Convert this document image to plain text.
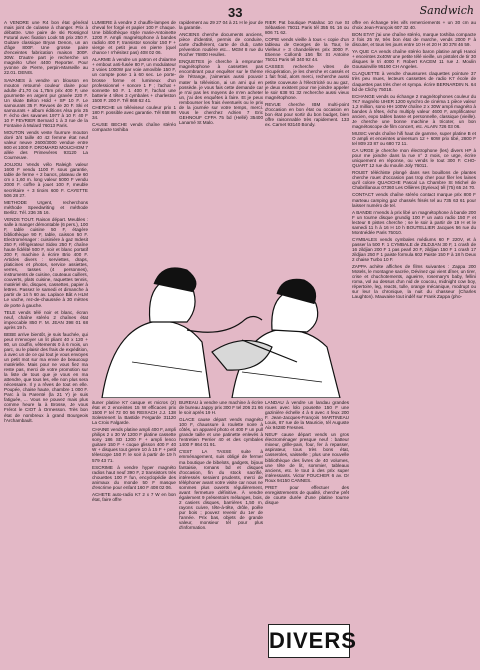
33	Sandwich

A VENDRE une R4 bon état général mais joint de culasse à changer. Prix à débattre. Une paire de ski Rossignol Futural avec fixation Look 55 prix 250 F. Guitare classique Bryan Denon, un an d'âge 800F. Une grosse paire d'enceintes fabrication maison 300F. 30W. D'autre part je recherche un magnéto Uher 4400 Reporter. Pour yvonne de Pierre, perpin-Marseille au 22.01. DENIS.

SAVANES à vendre un blouson en mouton retourné couleur claire pour adulte d'1,70 ou 1,75m prix 400 F, une gourmette en argent pur gravée 220 F. Un skate Béton Hold + SP 10 F. Le samouraïs 35 F. Revues de 20 F. Ski et samouraïs + album éditions Alsa prix 25 F. écho des savanes 1977 à 10 F. 40 F 10 F FEVRIER Bernard 1 à 3 rue de la Fontaine à Mulard 76013 Paris.

MOUTON vends veste fourrure mouton doré 3/4 taille 40 42 femme état neuf valeur neuve 2600/3000 vendue entre 800 et 1000 F. DROMARD MOUCHOM 7 allée des Primevères 93120 La Courneuve.

JOUJOU Vends vélo Raleigh valeur 1600 F vendu 1100 F. sous garantie, table de ferme + 2 bancs, plateau de 60 cm x 1,60 m. long valeur 5000 F vendu 2000 F. coffre à jouet 100 F, meuble secrétaire + 3 tiroirs 600 F. CAYETTE 506 28 27.

METHODE Urgent, recherchons méthode Speedwriting et méthode Berlitz. Tél. 236 35 16.

VENDS TOUT. Raison départ. Meubles : salle à manger démontable (6 pers.), 100 F, table cuisine 50 F, étagère bibliothèque 90 F, table, caisson 50 F. Electroménager : cuisinière à gaz Indesit 250 F, réfrigérateur Sidex 250 F, chaîne haute fidélité 500 F, noir et blanc portatif 200 F, machine à écrire Brio 400 F. Articles divers : serviettes, draps, platicines et photos, service assiettes, verres, tasses (4 personnes), instruments de cuisine, couteaux cuillers, couverts, plats cuisine, raquettes tennis, matériel ski, disques, cassettes, papier à lettres. Passez le samedi et dimanche à partir de 14 h 60 av. Laplace Bât A HLM Le vache, rez-de-chaussée à 30 mètres de porte à gauche.

TELE vends télé noir et blanc, écran neuf, chaîne stéréo 2 chaînes état impeccable 850 F. M. JEAN 398 01 68 après 19 h.

BEBE arrive bientôt, je suis fauchée, qui peut m'envoyer un lit pliant 40 x 120 + 80, un couffin, vêtements 0 à 6 mois, un parc, ou le plaisir des frais de expédition, à avec un de ce qui tout je vous envoyes un petit mot sur ma envie de beaucoup matérielle. Mais pour ne vous fiez ma reste pas, merci de votre promotion sur la liste de tous que je vous en ma attendre, que tous les, elle non plus sera nécessaire. Il y a rêves de tout en elle. Poupée, chaise haute, chambre 1 000 F. Parc à la Parenté (la 21 Y) je suis fatiguée, ... Vous ne pouvez mais plus comme heure la à Brosse, Je vous Frérot le CIOT à Ormesson. Très bon état de nombreux à grand Bourgeois l'Archambault.

LUMIERE à vendre 2 chauffe-lampes de cheval fer forgé et papier 100 F chaque. Une bibliothèque style marie-Antoinette 1200 F. Ampli magnétophone à bandes radiolo 400 F, transistor sonolor 150 F + vierge et petit jeux en pierre (quel chance ! n'hésitez pas) 408 02 06.

ALARME à vendre un patron et d'alarme + embout anti-fusée 80 F, un modulateur 3 voies 1000W par voie amovible 150 F, un compte pose 1 à 60 sec. Le porte-brosse forme et lumineux d'un professionnel + sonore 1 F ; l'achat + sonnette 50 F. 1 400 F, l'achat une batterie 4 têtes 3 cymbales + charleston 1500 F. 200 F. Tél 868 62 41.

CHERCHE un téléviseur couleur prix 1 180 F. possible avec garantie. Tél 658 98 34.

CAUSE BECHE vends chaîne stéréo compacte toshiba

rapidement au 29 27 04 à 21 H le jour de la garantie.

ANCIENS cherche documents anciens, pièce d'identité, permis de conduire, carte d'adhérent, carte de club, carte prévention routière etc... MGM 8 rue du Rocher 76800 Heulles.

ENQUETES je cherche à emprunter magnétophone à cassettes pas encombrant pour enquêter sur le thème de l'étrange, j'aimerais aussi pouvoir mater la télévision, ai un ami qui en possède. je vous fais cette demande car je n'ai pas les moyens de m'en acheter un, j'ai des enquêtes à faire. Et je peux rembourser les frais éventuels ou le prix de la journée sur votre temps, merci. Vous le cherchez Adrien 7 Eric GEHNOUF CFPA 75 bd (Hellé) 35400 Lanarné St Malo.

RIER Pat boutique Patalrac 10 rue St Sébastien 75011 Paris tél 355 91 16 ou 806 71 62.

COPIE vends vieille à tous « copie d'un tableau de Georges de la Tour, le Vielleur » 3 chandelières prix 3000 F. Etienne Collomb 156 fbt St Antoine 75011 Paris tél 340 92 44.

CASSES recherche vitres de récupération, je les cherche et cassés et 1 fait froid, alors merci, recherche aussi petite couveuse à l'électricité ou au gaz, je deux existent pour me joindre appeler le soir 638 91 32 recherche aussi vieux magnétophone.

REVUE cherche IBM multi-point d'occasion en bon état ou occasion en bon état pour sortir du bon budget, bien offre raisonnable très rapidement. 133 ex. Carnet 93140 Bondy.

offre en échange très vifs remerciements + un 30 cm au choix Jean-François 607 32 40.

BON ETAT j'ai une chaîne stéréo, marque toshiba compacte 2 fois 25 W, très bon état de marche, vends 2000 F à discuter, et tous les jours entre 10 H et 20 H 30 378 46 59.

YA QUE CA vends chaîne stéréo baron platine ampli Hanoi + enceintes 2x40W une petite télé vieille, un pistolet de tir 30 disques le tri 4000 F. Robert KACEM 11 rue J. Moulin Gousainville 95190 CH Angeles.

CLAQUETTE à vendre chaussures claquettes pointure 37 très peu mues, lecteurs cassettes de radio K7 école de claquettes pas très cher et sympa. écrire BERNARDIN N. 64 bd de Clichy 75018.

ECHANGE vends ou échange 2 magnétophones couleur du 7K7 magnéto UHER 1200 synchro de cinéma 1 pièce valeur 1,2 million, sono HH 100W chaîne 2 x 30W ampli magnéto à bandes à têtes, écho multiply valeur 4600 F, amplificateur ancien, expo tables basse et personnelle, classique (vieille). Je cherche une bonne machine à tricoter, un bon magnétoscope de film concert, etc. ALAIN 726 03 06.

MUSIC vends chaîne hifi haut de gamme, super platine B et O ampli et enceintes universum 12 + 60W prix tibé, 2800 F tel 809 23 87 ou 680 72 11.

CA URGE je cherche mon électrophone (les) divers HP à pour me joindre dans la rue n° 2 mois, ce urge, écrire uniquement en réponse, ou vends le tout 300 F. CHO-QUART 12 rue du moulin Joly 76011.

ROUET téléchiste plongé dans ses bouillons de plantes cherche rouet d'occasion pas trop cher pour filer les laines qu'il colore QUAOCHE Pascal La Chambre St Michel de Chabrillanoux 07360 Les Ollières (Eyrieux) tél (75) 65 24 70.

CONTACT vends chaîne stéréo contact marque prix 800 F marteau camping gaz chassés frisés tel au 735 63 61 pour laisser numéro de tel.

A BANDE n'vends à prix libé un magnétophone à bande 200 F un tourne disque grundig 100 F un auto radio 150 F et lecteur 8 pistes cherche ; se le soir à partir de 19 H et le samedi 11 h à 16 H 10 h BOUTELLIER Jacques 56 rue du Montnédée Paris 75010.

CYMBALES vends cymbales médiums 60 F 220V, et à passer la 500 F. 1 CYMBALE de ZILDJIAN 30 F, 1 crash de 16 zildjian 200 F 1 pas pearl 20 F, zildjian 150 F 1 crash 17 zildjian 250 F 1 paiste formula 602 Paiste 150 F à 18 h Deux 2 chaise Turbo 10 F.

ZAPPA achète affiches de films suivantes : Zappa 200 Motels, le montagne sacrée, Dévinez qui vient dîner, un tirer, crise et chuchotements, agueirre, rosemary's baby, fellini roma, vol au dessus d'un nid de coucou, midnight cow boy, répertoire, leg, reacts, tulle, orange mécanique, modrupt ou sur leur la chronique, la nuit du chasseur (Charles Laughton). Mauvaise tout indéf sur Frank Zappa (pho-

ituner platine K7 casque et micros (2) état et 2 enceintes 15 W efficaces prix 1500 F tel 72 00 56 REIXACH J.J. 138 Solesrenert la Bastide Fergarde 31120 La Croix Falgarde.

CHAINE vends platine ampli 400 F, ampli philips 2 x 30 W 1200 F platine cassette sony 186 SD 1200 F + ampli lenco guitare 150 F + coque glisson 400 F 40 W + disques tout genre 10 à 15 F + petit télescope 150 F. le soir à partir de 19 h 579 43 71.

ESCRIME à vendre hyper magnéto radios haut neuf 390 F, 2 transistors très chouettes 100 F fun, encyclopédie des animaux du monde 50 F masque d'escrime pour enfant 160 F 408 02 06.

ACHETE auto-radio K7 2 x 7 W en bon état, faire offre

BUREAU à vendre une machine à écrire de bureau Jappy prix 300 F tel 206 21 66 le soir après 19 H.

GLACE cause départ vends magnéto 100 F, chaussure à roulette noire à côtés, un appareil photo et 400 F un pull grande taille et une patinette enlevés à l'entretien Perrier 40 et des cymbales 1400 F 864 01 91.

C'EST LA TASSE suite à emménagement, suis obligé de fermer ma boutique de bibelots, gadgets, bijoux fantaisie, romans bd et disques d'occasion, fin du stock sacrifié, intéressés seraient prudents, merci de téléphoner avant votre visite car nous ne sommes plus ouverts régulièrement, avant fermeture définitive. À vendre également 9 présentoirs mélanges, bois, 2 casiers disques, barrières 1,50 m, rayons cuivre, tête-à-tête, drôle, poêle pur bois ; pouvez revenir du 1er de l'année. Prix bas, objets de grande valeur, monsieur tél pour plus d'information.

LANDAU à vendre un landau grandes roues avec lolo pousette 150 F une gazinière échelle 4 à 6 avec 4 feux 200 F. Jean-Jacques-François MARTINEAU Louis, 87 rue de la Mauricie, tél Auguste Aix 94280 Fresnes.

NEUF cause départ vends un gros électroménager presque neuf : batteur mixeur, grille-pain, four, fer à repasser, aspirateur, tous très bons état, casseroles, vaisselle ; plus une nouvelle bibliothèque des livres de 40 volumes, une tête de lit, sommier, tableaux anciens, etc. le tout à des prix super intéressants. Victor FOUCHER 6 av. Dr Roux 94150 CANNES.

PRET pour effectuer des enregistrements de qualité, cherche prêt de courte durée d'une platine tourne disque

DIVERS
